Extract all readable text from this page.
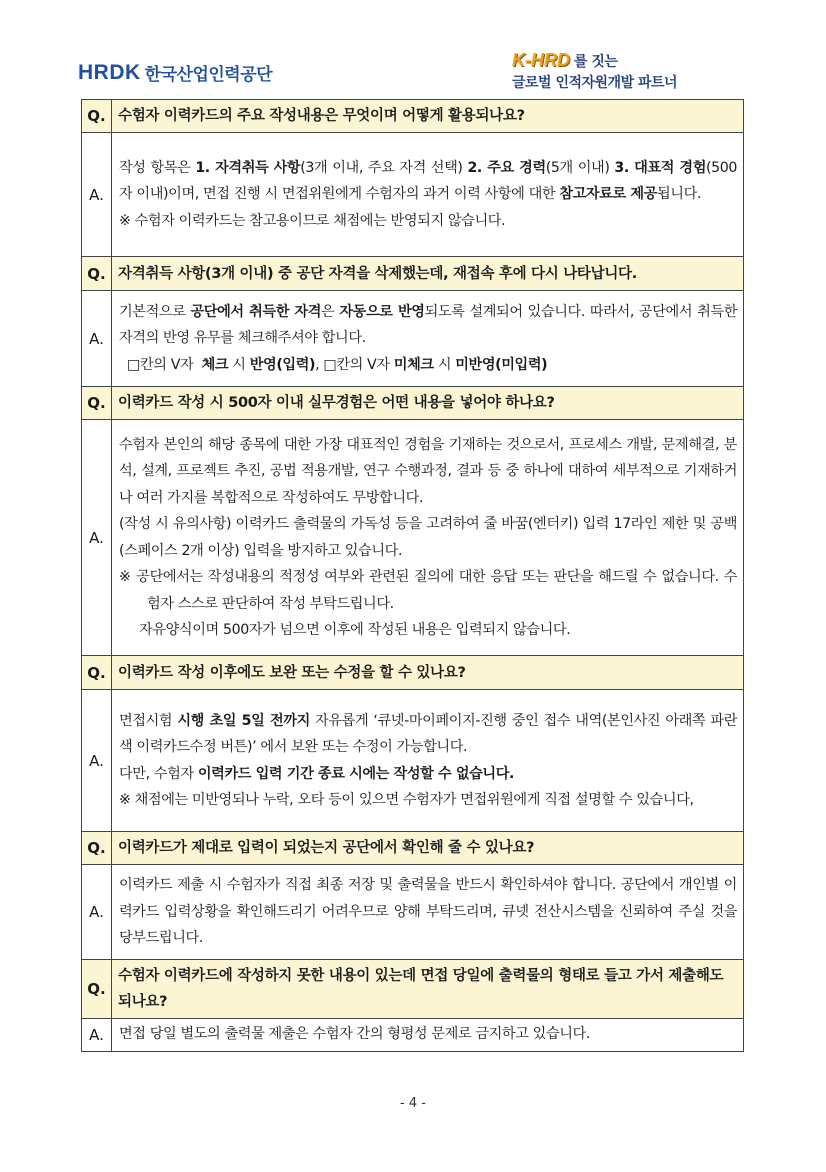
HRDK 한국산업인력공단
K-HRD 를 짓는
글로벌 인적자원개발 파트너
Q.	수험자 이력카드의 주요 작성내용은 무엇이며 어떻게 활용되나요?
A.	작성 항목은 1. 자격취득 사항(3개 이내, 주요 자격 선택) 2. 주요 경력(5개 이내) 3. 대표적 경험(500자 이내)이며, 면접 진행 시 면접위원에게 수험자의 과거 이력 사항에 대한 참고자료로 제공됩니다.

※ 수험자 이력카드는 참고용이므로 채점에는 반영되지 않습니다.

Q.	자격취득 사항(3개 이내) 중 공단 자격을 삭제했는데, 재접속 후에 다시 나타납니다.
A.	기본적으로 공단에서 취득한 자격은 자동으로 반영되도록 설계되어 있습니다. 따라서, 공단에서 취득한 자격의 반영 유무를 체크해주셔야 합니다.

□칸의 V자  체크 시 반영(입력), □칸의 V자 미체크 시 미반영(미입력)

Q.	이력카드 작성 시 500자 이내 실무경험은 어떤 내용을 넣어야 하나요?
A.	수험자 본인의 해당 종목에 대한 가장 대표적인 경험을 기재하는 것으로서, 프로세스 개발, 문제해결, 분석, 설계, 프로젝트 추진, 공법 적용개발, 연구 수행과정, 결과 등 중 하나에 대하여 세부적으로 기재하거나 여러 가지를 복합적으로 작성하여도 무방합니다.

(작성 시 유의사항) 이력카드 출력물의 가독성 등을 고려하여 줄 바꿈(엔터키) 입력 17라인 제한 및 공백(스페이스 2개 이상) 입력을 방지하고 있습니다.

※ 공단에서는 작성내용의 적정성 여부와 관련된 질의에 대한 응답 또는 판단을 해드릴 수 없습니다. 수험자 스스로 판단하여 작성 부탁드립니다.

자유양식이며 500자가 넘으면 이후에 작성된 내용은 입력되지 않습니다.

Q.	이력카드 작성 이후에도 보완 또는 수정을 할 수 있나요?
A.	면접시험 시행 초일 5일 전까지 자유롭게 ‘큐넷-마이페이지-진행 중인 접수 내역(본인사진 아래쪽 파란색 이력카드수정 버튼)’ 에서 보완 또는 수정이 가능합니다.

다만, 수험자 이력카드 입력 기간 종료 시에는 작성할 수 없습니다.

※ 채점에는 미반영되나 누락, 오타 등이 있으면 수험자가 면접위원에게 직접 설명할 수 있습니다,

Q.	이력카드가 제대로 입력이 되었는지 공단에서 확인해 줄 수 있나요?
A.	이력카드 제출 시 수험자가 직접 최종 저장 및 출력물을 반드시 확인하셔야 합니다. 공단에서 개인별 이력카드 입력상황을 확인해드리기 어려우므로 양해 부탁드리며, 큐넷 전산시스템을 신뢰하여 주실 것을 당부드립니다.

Q.	수험자 이력카드에 작성하지 못한 내용이 있는데 면접 당일에 출력물의 형태로 들고 가서 제출해도 되나요?
A.	면접 당일 별도의 출력물 제출은 수험자 간의 형평성 문제로 금지하고 있습니다.
- 4 -
